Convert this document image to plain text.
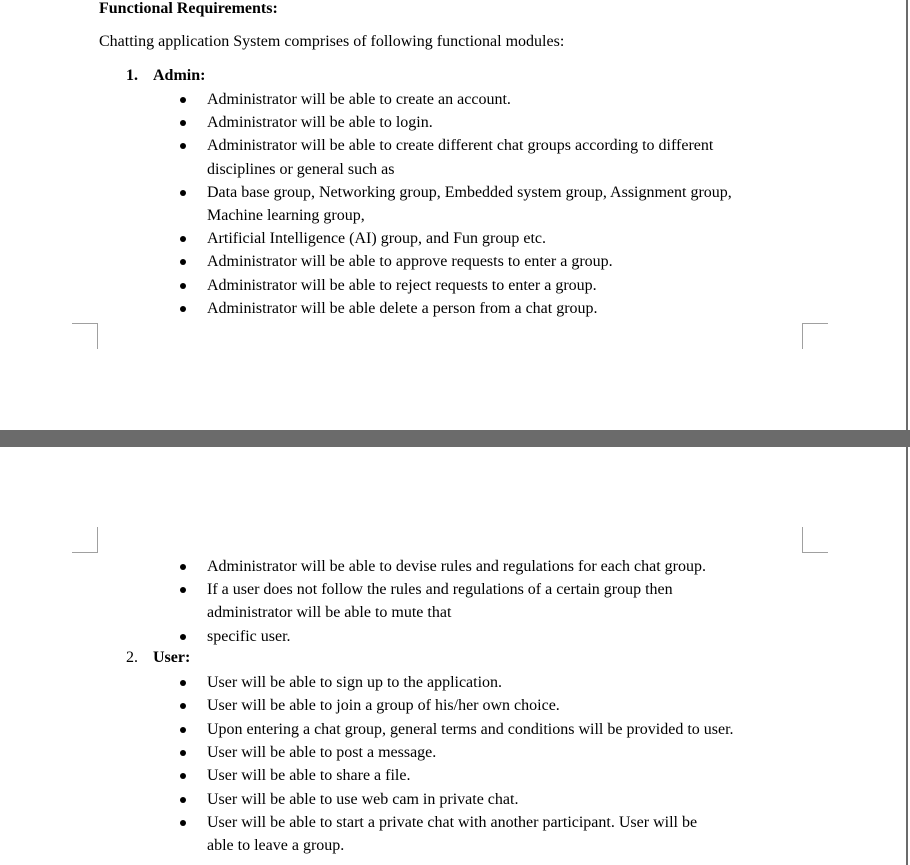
Functional Requirements:
Chatting application System comprises of following functional modules:
1. Admin:
Administrator will be able to create an account.
Administrator will be able to login.
Administrator will be able to create different chat groups according to different
disciplines or general such as
Data base group, Networking group, Embedded system group, Assignment group,
Machine learning group,
Artificial Intelligence (AI) group, and Fun group etc.
Administrator will be able to approve requests to enter a group.
Administrator will be able to reject requests to enter a group.
Administrator will be able delete a person from a chat group.
Administrator will be able to devise rules and regulations for each chat group.
If a user does not follow the rules and regulations of a certain group then
administrator will be able to mute that
specific user.
2. User:
User will be able to sign up to the application.
User will be able to join a group of his/her own choice.
Upon entering a chat group, general terms and conditions will be provided to user.
User will be able to post a message.
User will be able to share a file.
User will be able to use web cam in private chat.
User will be able to start a private chat with another participant. User will be
able to leave a group.
